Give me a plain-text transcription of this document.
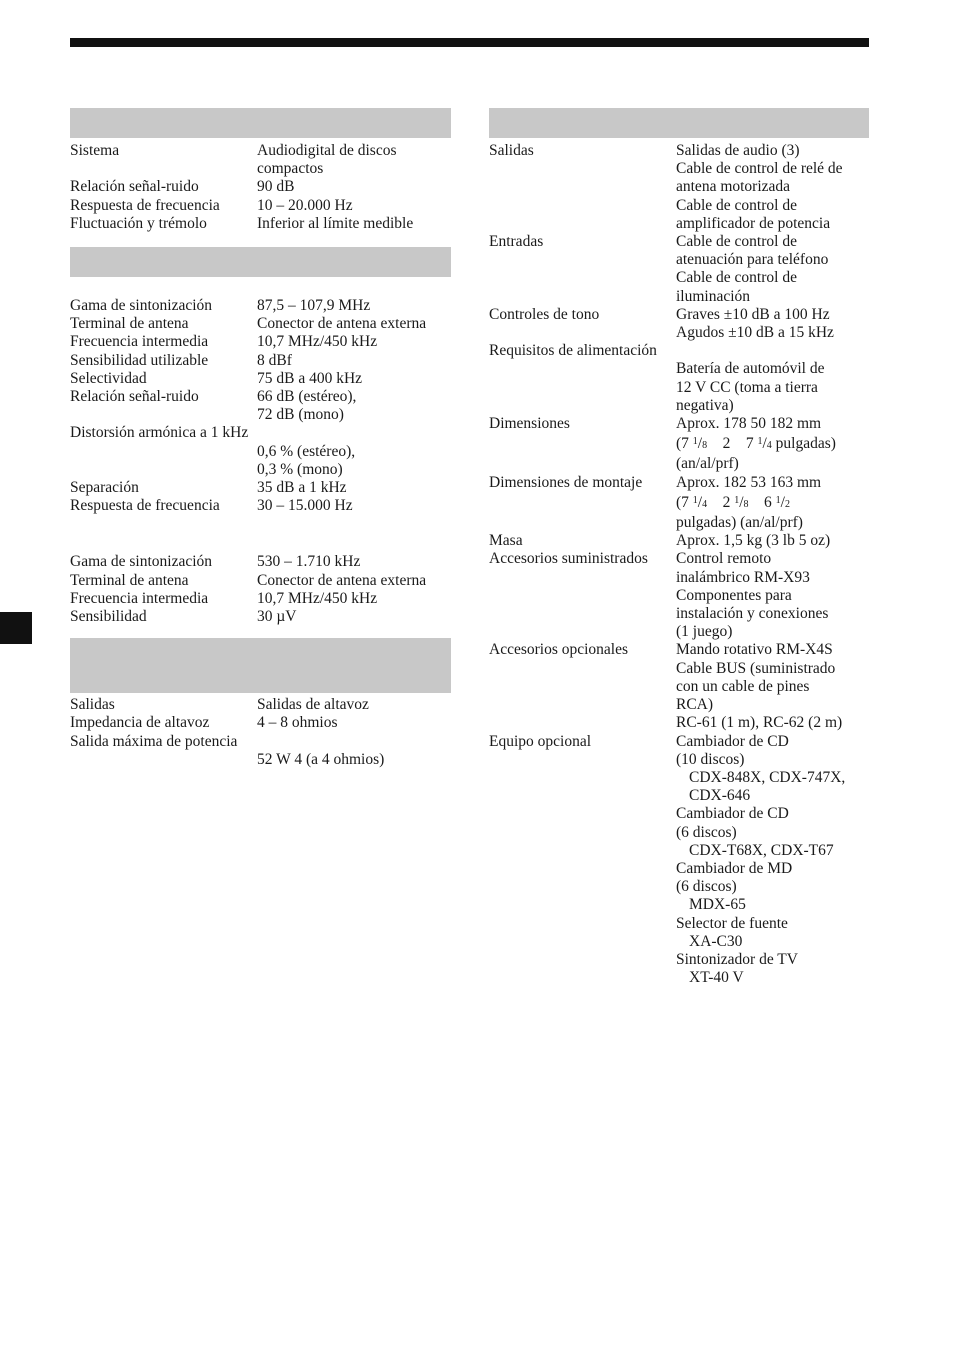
Sistema	Audiodigital de discos
compactos
Relación señal-ruido	90 dB
Respuesta de frecuencia 10 – 20.000 Hz
Fluctuación y trémolo	Inferior al límite medible
Gama de sintonización	87,5 – 107,9 MHz
Terminal de antena	Conector de antena externa
Frecuencia intermedia	10,7 MHz/450 kHz
Sensibilidad utilizable	8 dBf
Selectividad	75 dB a 400 kHz
Relación señal-ruido	66 dB (estéreo),
72 dB (mono)
Distorsión armónica a 1 kHz

0,6 % (estéreo),
0,3 % (mono)
Separación	35 dB a 1 kHz
Respuesta de frecuencia 30 – 15.000 Hz
Gama de sintonización	530 – 1.710 kHz
Terminal de antena	Conector de antena externa
Frecuencia intermedia	10,7 MHz/450 kHz
Sensibilidad	30 µV
Salidas	Salidas de altavoz
Impedancia de altavoz	4 – 8 ohmios
Salida máxima de potencia

52 W 4 (a 4 ohmios)
Salidas	Salidas de audio (3)
Cable de control de relé de
antena motorizada
Cable de control de
amplificador de potencia
Entradas	Cable de control de
atenuación para teléfono
Cable de control de
iluminación
Controles de tono	Graves ±10 dB a 100 Hz
Agudos ±10 dB a 15 kHz
Requisitos de alimentación

Batería de automóvil de
12 V CC (toma a tierra
negativa)
Dimensiones	Aprox. 178 50 182 mm
(7 $^1$/8 2 7 $^1$/4 pulgadas)
(an/al/prf)
Dimensiones de montaje Aprox. 182 53 163 mm
(7 $^1$/4 2 $^1$/8 6 $^1$/2
pulgadas) (an/al/prf)
Masa	Aprox. 1,5 kg (3 lb 5 oz)
Accesorios suministrados Control remoto
inalámbrico RM-X93
Componentes para
instalación y conexiones
(1 juego)
Accesorios opcionales	Mando rotativo RM-X4S
Cable BUS (suministrado
con un cable de pines
RCA)
RC-61 (1 m), RC-62 (2 m)
Equipo opcional	Cambiador de CD
(10 discos)
CDX-848X, CDX-747X,
CDX-646
Cambiador de CD
(6 discos)
CDX-T68X, CDX-T67
Cambiador de MD
(6 discos)
MDX-65
Selector de fuente
XA-C30
Sintonizador de TV
XT-40 V
